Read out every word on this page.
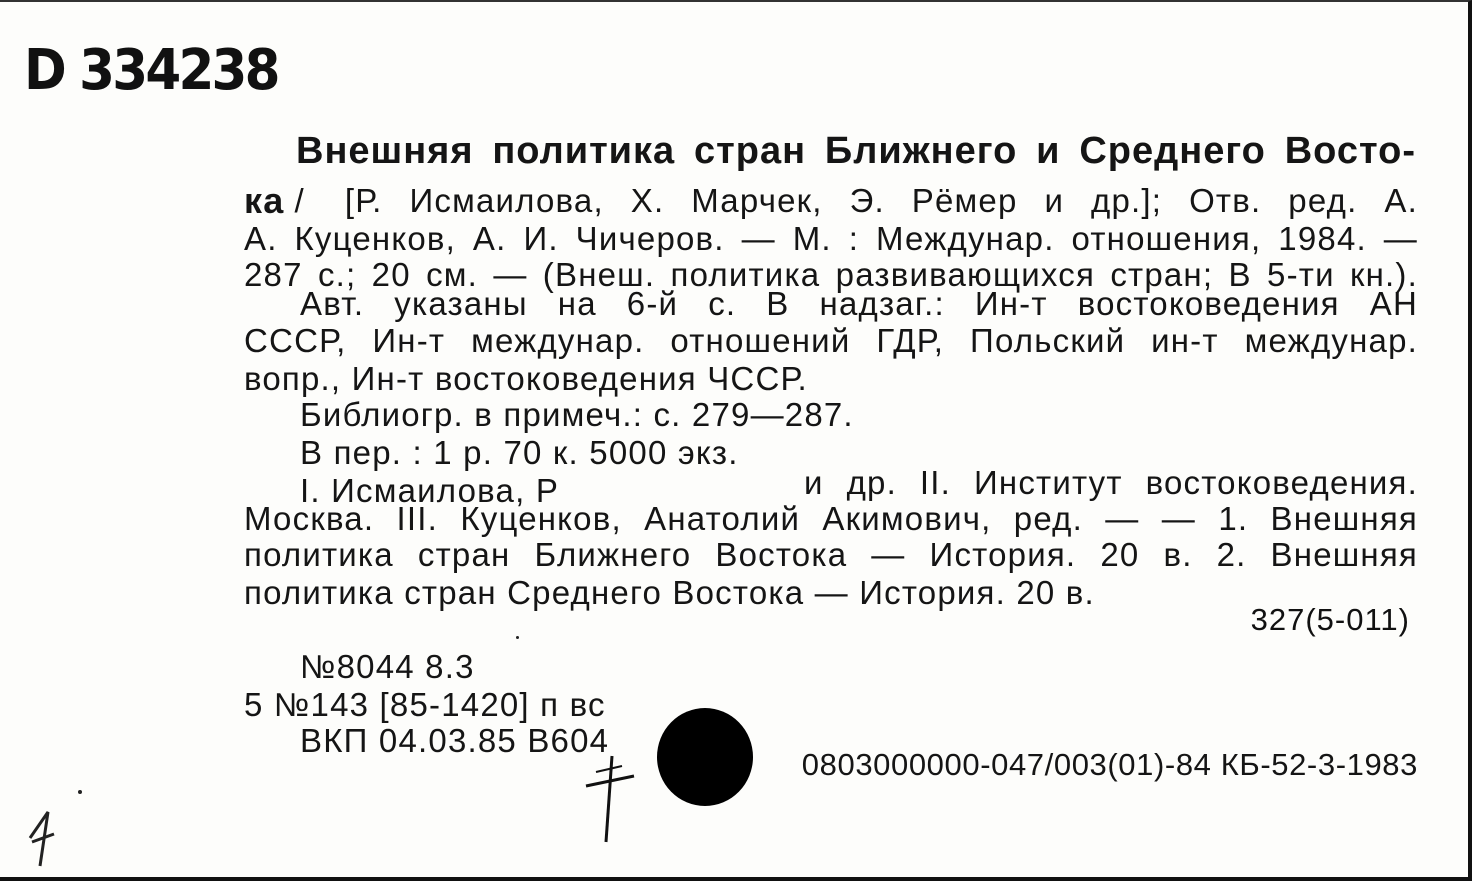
D 334238
Внешняя политика стран Ближнего и Среднего Восто-
ка / [Р. Исмаилова, Х. Марчек, Э. Рёмер и др.]; Отв. ред. А.
А. Куценков, А. И. Чичеров. — М. : Междунар. отношения, 1984. —
287 с.; 20 см. — (Внеш. политика развивающихся стран; В 5-ти кн.).
Авт. указаны на 6-й с. В надзаг.: Ин-т востоковедения АН
СССР, Ин-т междунар. отношений ГДР, Польский ин-т междунар.
вопр., Ин-т востоковедения ЧССР.
Библиогр. в примеч.: с. 279—287.
В пер. : 1 р. 70 к. 5000 экз.
I. Исмаилова, Р	и др. II. Институт востоковедения.
Москва. III. Куценков, Анатолий Акимович, ред. — — 1. Внешняя
политика стран Ближнего Востока — История. 20 в. 2. Внешняя
политика стран Среднего Востока — История. 20 в.
327(5-011)
№8044 8.3
5 №143 [85-1420] п вс
ВКП 04.03.85 В604
0803000000-047/003(01)-84 КБ-52-3-1983
